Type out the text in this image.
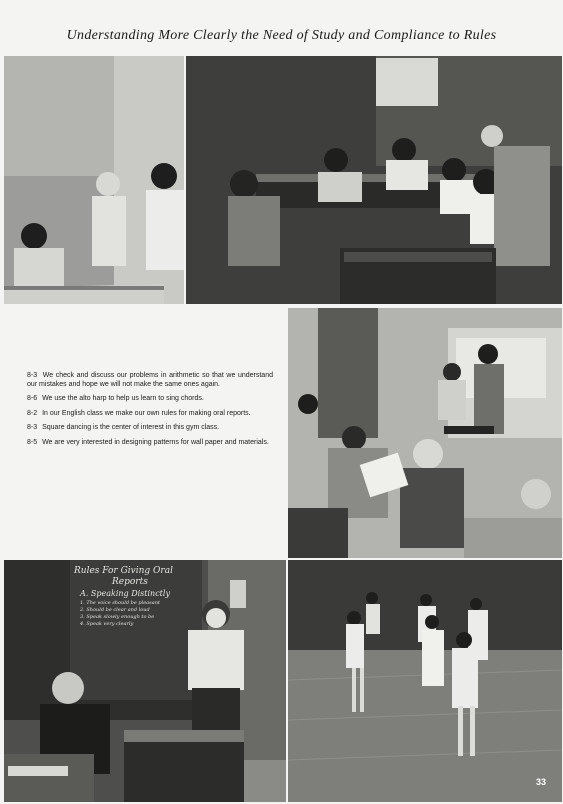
Understanding More Clearly the Need of Study and Compliance to Rules
Rules For Giving Oral
Reports
A. Speaking Distinctly
1. The voice should be pleasant
2. Should be clear and loud
3. Speak slowly enough to be
4. Speak very clearly

8-3 We check and discuss our problems in arithmetic so that we understand our mistakes and hope we will not make the same ones again.

8-6 We use the alto harp to help us learn to sing chords.

8-2 In our English class we make our own rules for making oral reports.

8-3 Square dancing is the center of interest in this gym class.

8-5 We are very interested in designing patterns for wall paper and materials.

33
